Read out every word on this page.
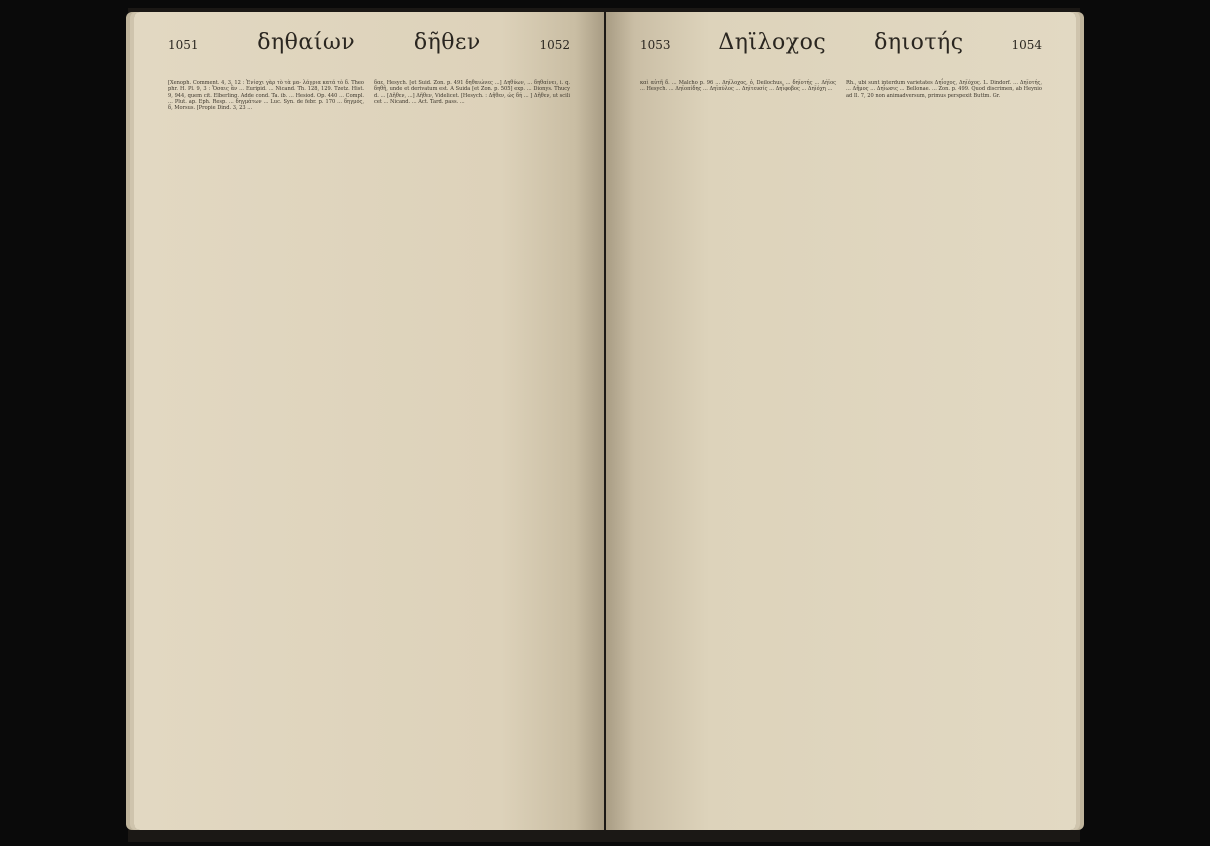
1051	δηθαίων	δῆθεν	1052
[Xenoph. Comment. 4, 3, 12 : Ἐνίσχι γὰρ τὸ τὰ μα- λάγρια κατά τὸ δ. Theophr. H. Pl. 9, 3 : Ὅσαις ἂν ... Euripid. ... Nicand. Th. 128, 129. Tzetz. Hist. 9, 944, quem cit. Elberling. Adde cond. Ta. ib. ... Hesiod. Op. 440 ... Compl. ... Plut. ap. Eph. Resp. ... δηγμάτων ... Luc. Syn. de febr. p. 170 ... δηγμός, δ, Morsus. [Propie Dind. 3, 23 ...
δαε, Hesych. [et Suid. Zon. p. 491 δηθαιώνες ...] Δηθύων, ... δηθαίνει, i. q. δηθῆ, unde et derivatum est. A Suida [et Zon. p. 505] exp. ... Dionys. Thucyd. ... [Δῆθεν, ...] Δῆθεν, Videlicet. [Hesych. : Δῆθεν, ώς δή ... ] Δῆθεν, ut scilicet ... Nicand. ... Act. Tard. pass. ...
1053 Δηϊλοχος δηιοτής	1054
καὶ αὐτῆ δ. ... Malcho p. 96 ... Δηϊλοχος, ὁ, Deilochus, ... δηϊοτής ... Δήϊος ... Hesych. ... Δηϊοπίδης ... Δηϊπύλος ... Δηϊτευσίς ... Δηΐφοβος ... Δηϊόχη ...
Rh., ubi sunt interdum varietates Δηΐοχος, Δηϊόχος. L. Dindorf. ... Δηϊοτής, ... Δῆμος ... Δηΐωσις ... Bellonae. ... Zon. p. 499. Quod discrimen, ab Heynio ad Il. 7, 20 non animadversum, primus perspexit Buttm. Gr.
